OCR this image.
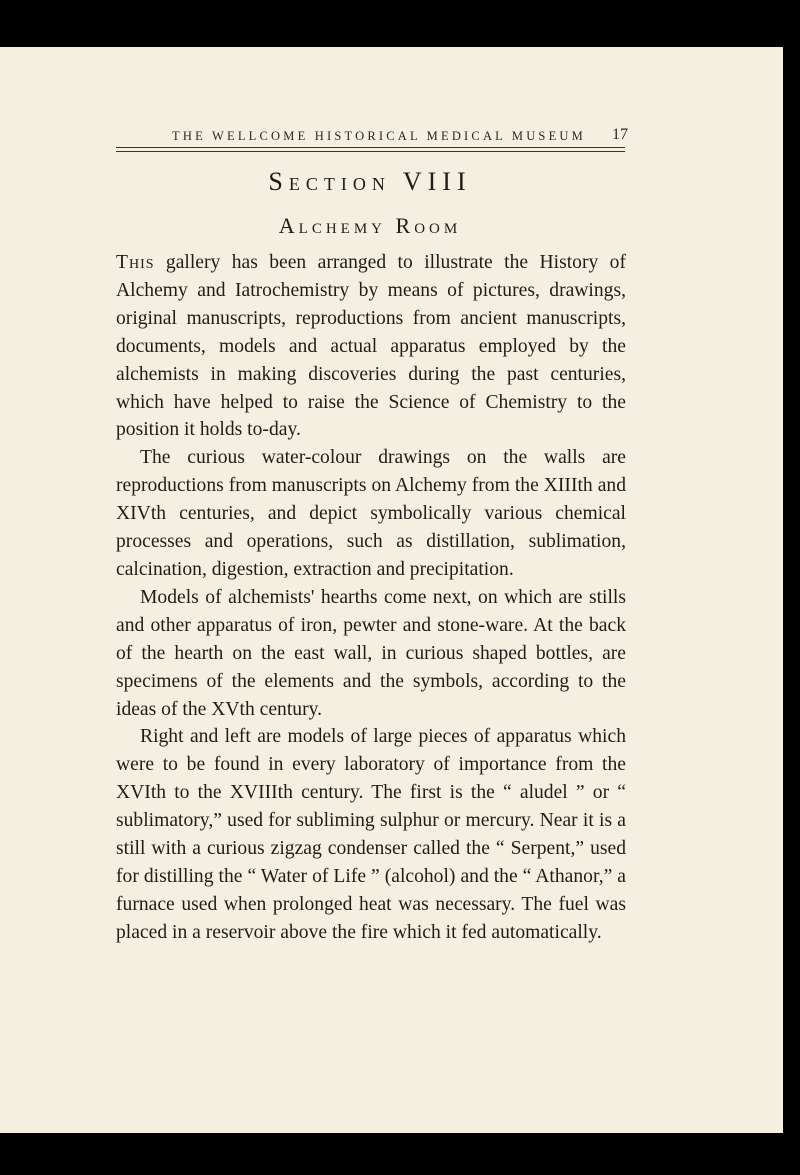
THE WELLCOME HISTORICAL MEDICAL MUSEUM	17
Section VIII
Alchemy Room

This gallery has been arranged to illustrate the History of Alchemy and Iatrochemistry by means of pictures, drawings, original manuscripts, reproductions from ancient manuscripts, documents, models and actual apparatus employed by the alchemists in making discoveries during the past centuries, which have helped to raise the Science of Chemistry to the position it holds to-day.

The curious water-colour drawings on the walls are reproductions from manuscripts on Alchemy from the XIIIth and XIVth centuries, and depict symbolically various chemical processes and operations, such as distillation, sublimation, calcination, digestion, extraction and precipitation.

Models of alchemists' hearths come next, on which are stills and other apparatus of iron, pewter and stone-ware. At the back of the hearth on the east wall, in curious shaped bottles, are specimens of the elements and the symbols, according to the ideas of the XVth century.

Right and left are models of large pieces of apparatus which were to be found in every laboratory of importance from the XVIth to the XVIIIth century. The first is the “ aludel ” or “ sublimatory,” used for subliming sulphur or mercury. Near it is a still with a curious zigzag condenser called the “ Serpent,” used for distilling the “ Water of Life ” (alcohol) and the “ Athanor,” a furnace used when prolonged heat was necessary. The fuel was placed in a reservoir above the fire which it fed automatically.
